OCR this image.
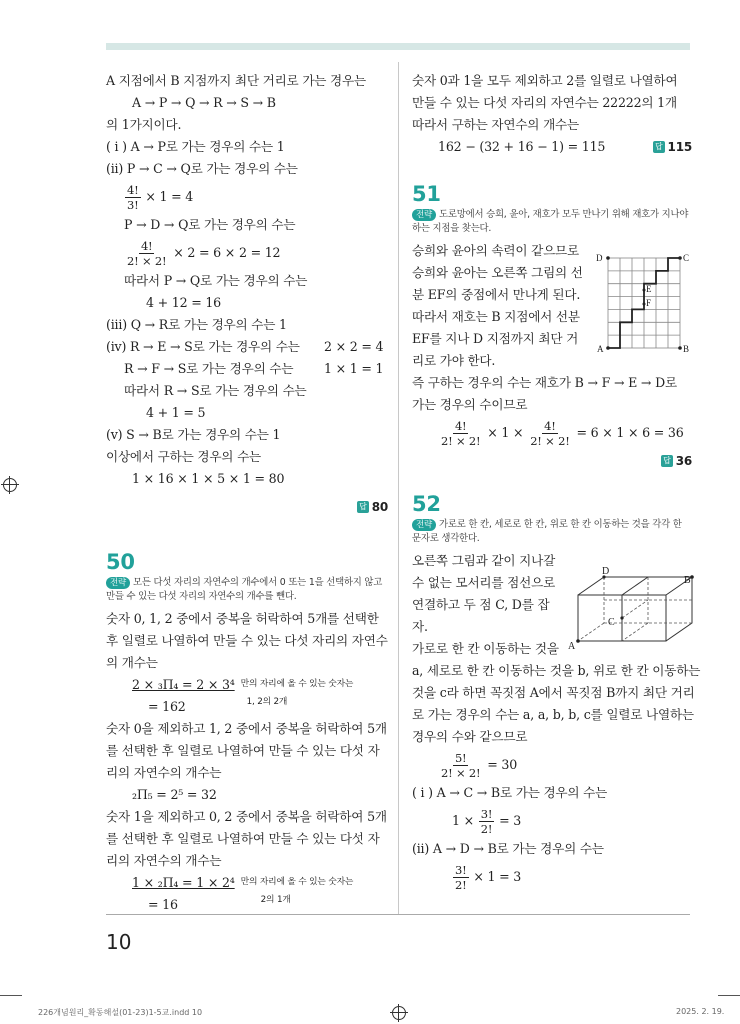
A 지점에서 B 지점까지 최단 거리로 가는 경우는
A → P → Q → R → S → B
의 1가지이다.
( i ) A → P로 가는 경우의 수는 1
(ii) P → C → Q로 가는 경우의 수는
$\frac{4!}{3!} \times 1 = 4$
P → D → Q로 가는 경우의 수는
$\frac{4!}{2! \times 2!} \times 2 = 6 \times 2 = 12$
따라서 P → Q로 가는 경우의 수는
4 + 12 = 16
(iii) Q → R로 가는 경우의 수는 1
(iv) R → E → S로 가는 경우의 수는 2 × 2 = 4
R → F → S로 가는 경우의 수는 1 × 1 = 1
따라서 R → S로 가는 경우의 수는
4 + 1 = 5
(v) S → B로 가는 경우의 수는 1
이상에서 구하는 경우의 수는
1 × 16 × 1 × 5 × 1 = 80
답 80
50
전략 모든 다섯 자리의 자연수의 개수에서 0 또는 1을 선택하지 않고 만들 수 있는 다섯 자리의 자연수의 개수를 뺀다.
숫자 0, 1, 2 중에서 중복을 허락하여 5개를 선택한 후 일렬로 나열하여 만들 수 있는 다섯 자리의 자연수의 개수는
2 × ₃Π₄ = 2 × 3⁴
= 162
만의 자리에 올 수 있는 숫자는
1, 2의 2개
숫자 0을 제외하고 1, 2 중에서 중복을 허락하여 5개를 선택한 후 일렬로 나열하여 만들 수 있는 다섯 자리의 자연수의 개수는
₂Π₅ = 2⁵ = 32
숫자 1을 제외하고 0, 2 중에서 중복을 허락하여 5개를 선택한 후 일렬로 나열하여 만들 수 있는 다섯 자리의 자연수의 개수는
1 × ₂Π₄ = 1 × 2⁴
= 16
만의 자리에 올 수 있는 숫자는
2의 1개
숫자 0과 1을 모두 제외하고 2를 일렬로 나열하여 만들 수 있는 다섯 자리의 자연수는 22222의 1개
따라서 구하는 자연수의 개수는
162 − (32 + 16 − 1) = 115	답 115
51
전략 도로망에서 승희, 윤아, 재호가 모두 만나기 위해 재호가 지나야 하는 지점을 찾는다.
승희와 윤아의 속력이 같으므로
승희와 윤아는 오른쪽 그림의 선
분 EF의 중점에서 만나게 된다.
따라서 재호는 B 지점에서 선분
EF를 지나 D 지점까지 최단 거
리로 가야 한다.
즉 구하는 경우의 수는 재호가 B → F → E → D로
가는 경우의 수이므로
$\frac{4!}{2! \times 2!} \times 1 \times \frac{4!}{2! \times 2!} = 6 \times 1 \times 6 = 36$
답 36
52
전략 가로로 한 칸, 세로로 한 칸, 위로 한 칸 이동하는 것을 각각 한 문자로 생각한다.
오른쪽 그림과 같이 지나갈
수 없는 모서리를 점선으로
연결하고 두 점 C, D를 잡
자.
가로로 한 칸 이동하는 것을
a, 세로로 한 칸 이동하는 것을 b, 위로 한 칸 이동하는
것을 c라 하면 꼭짓점 A에서 꼭짓점 B까지 최단 거리
로 가는 경우의 수는 a, a, b, b, c를 일렬로 나열하는
경우의 수와 같으므로
$\frac{5!}{2! \times 2!} = 30$
( i ) A → C → B로 가는 경우의 수는
$1 \times \frac{3!}{2!} = 3$
(ii) A → D → B로 가는 경우의 수는
$\frac{3!}{2!} \times 1 = 3$
D	C
E
F
A	B
D
B
C
A
10
226개념원리_확동해설(01-23)1-5교.indd 10	2025. 2. 19.
